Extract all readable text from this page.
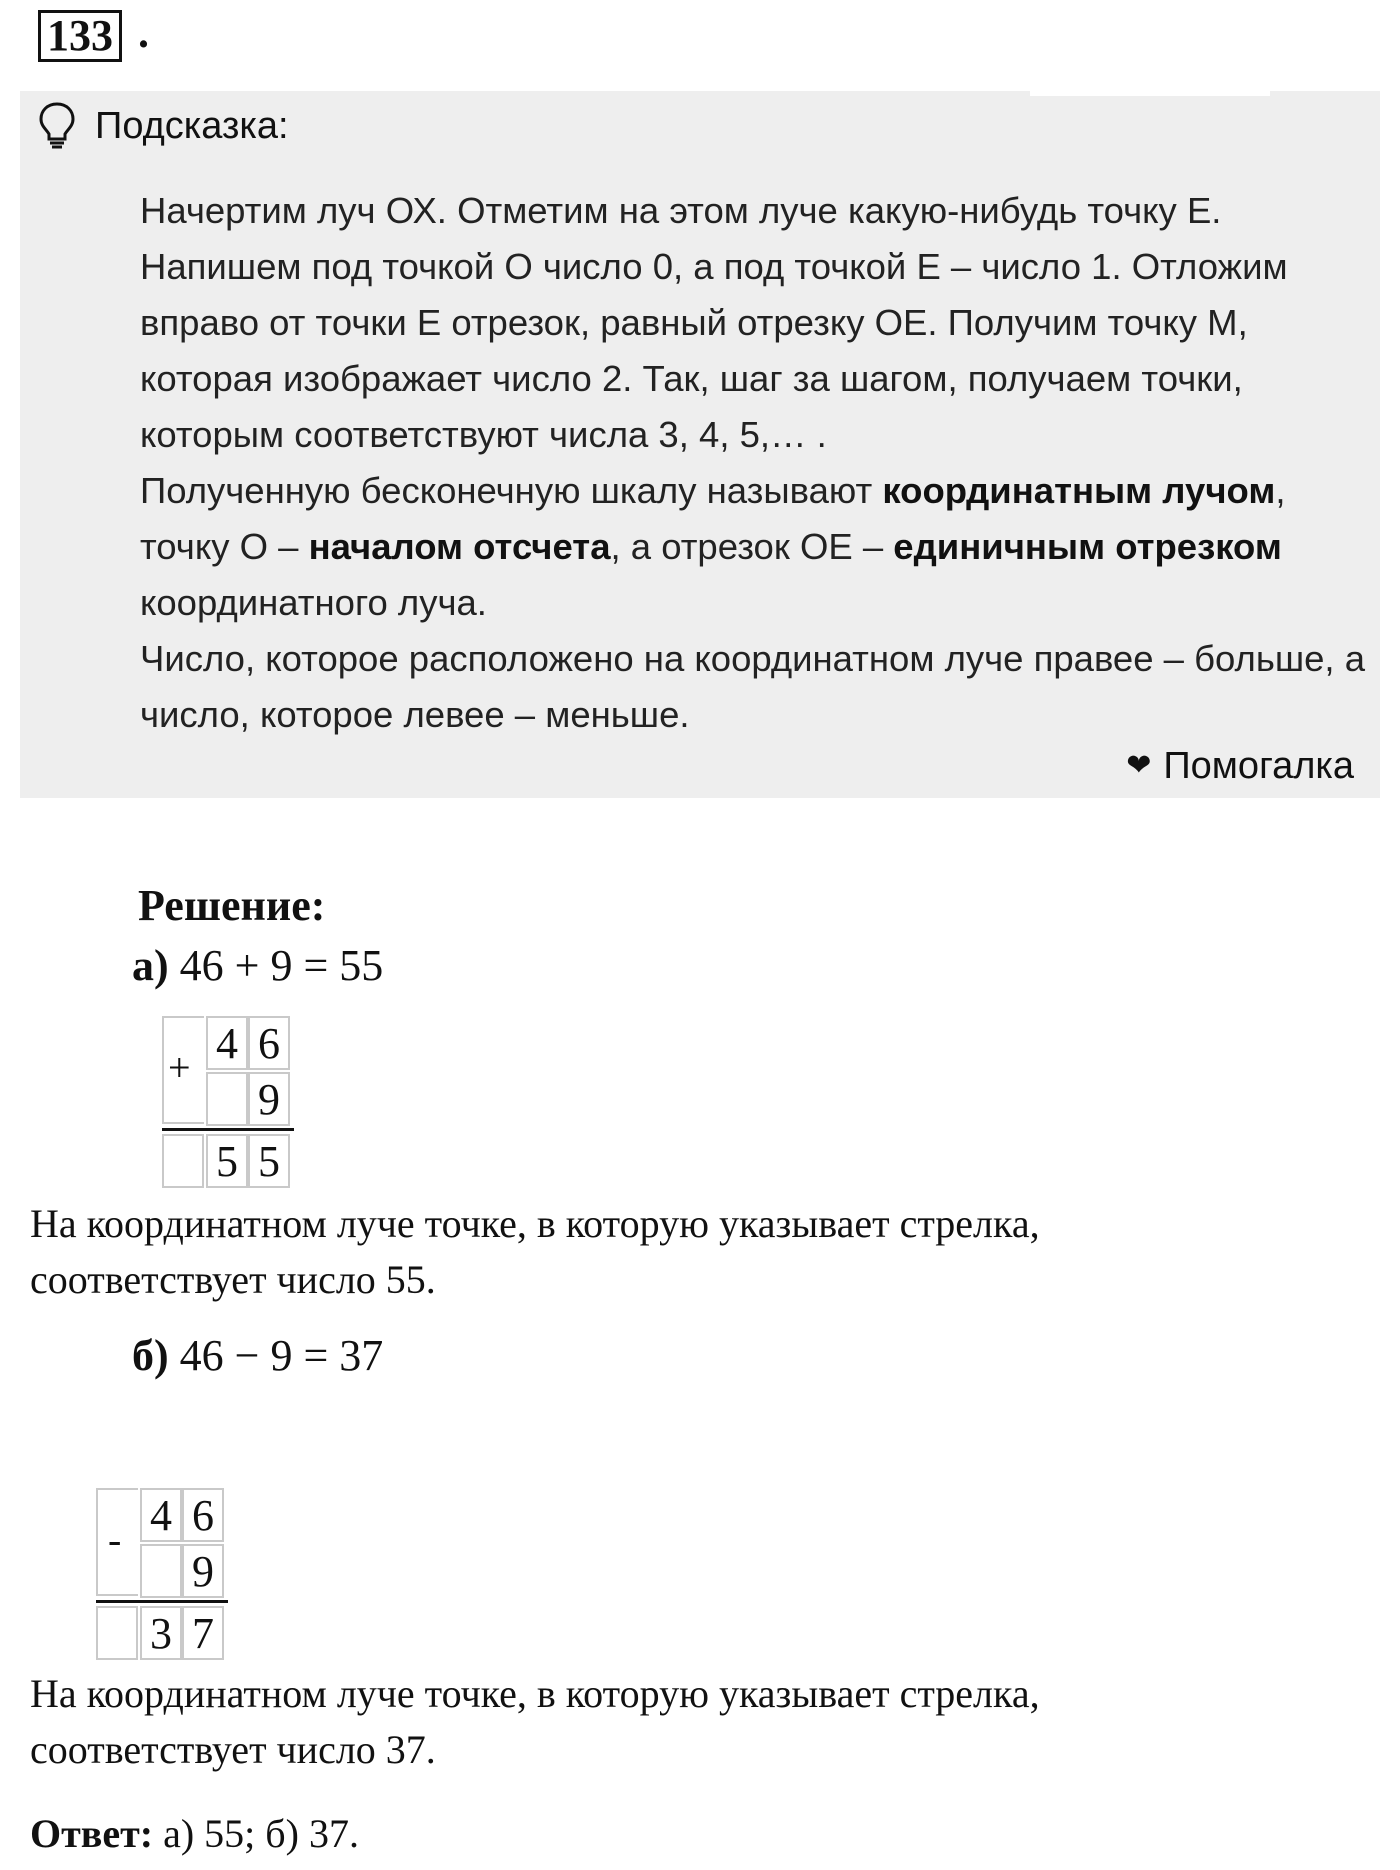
133 .
Подсказка:
Начертим луч ОХ. Отметим на этом луче какую-нибудь точку Е. Напишем под точкой О число 0, а под точкой Е – число 1. Отложим вправо от точки Е отрезок, равный отрезку ОЕ. Получим точку М, которая изображает число 2. Так, шаг за шагом, получаем точки, которым соответствуют числа 3, 4, 5,… .
Полученную бесконечную шкалу называют координатным лучом, точку О – началом отсчета, а отрезок ОЕ – единичным отрезком координатного луча.
Число, которое расположено на координатном луче правее – больше, а число, которое левее – меньше.
❤ Помогалка
Решение:
а) 46 + 9 = 55
+ 4 6
9
5 5
На координатном луче точке, в которую указывает стрелка, соответствует число 55.
б) 46 − 9 = 37
- 4 6
9
3 7
На координатном луче точке, в которую указывает стрелка, соответствует число 37.
Ответ: а) 55; б) 37.
